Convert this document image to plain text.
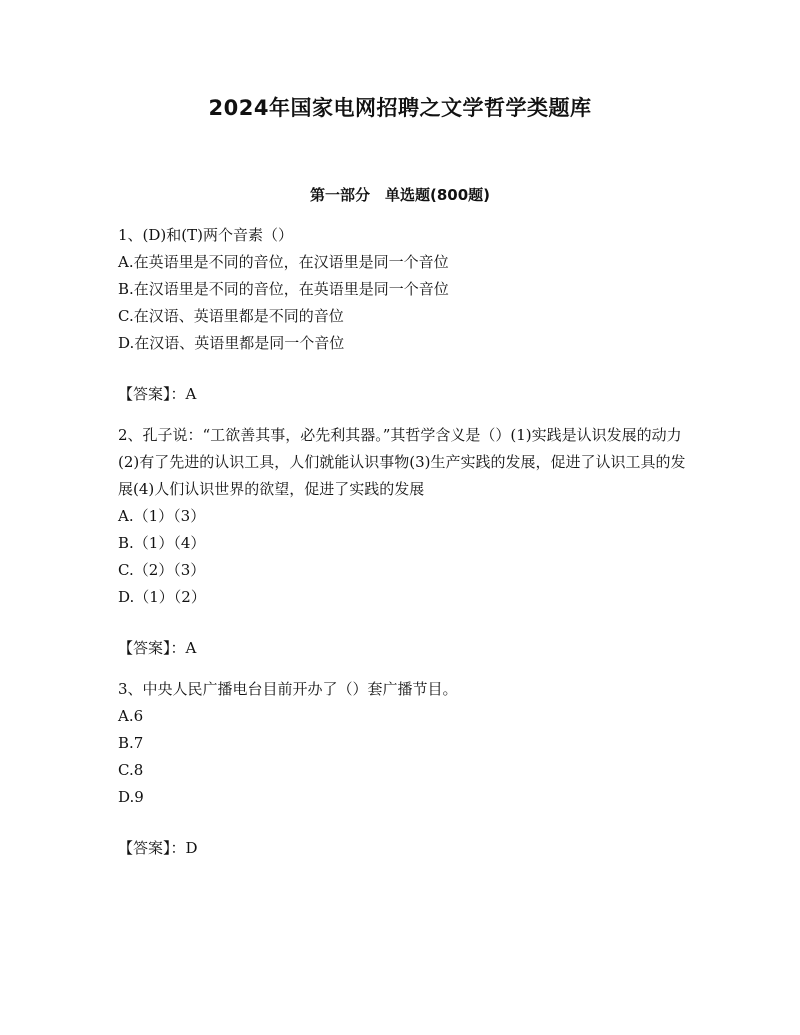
2024年国家电网招聘之文学哲学类题库
第一部分　单选题(800题)

1、(D)和(T)两个音素（）

A.在英语里是不同的音位，在汉语里是同一个音位
B.在汉语里是不同的音位，在英语里是同一个音位
C.在汉语、英语里都是不同的音位
D.在汉语、英语里都是同一个音位

【答案】：A

2、孔子说：“工欲善其事，必先利其器。”其哲学含义是（）(1)实践是认识发展的动力(2)有了先进的认识工具，人们就能认识事物(3)生产实践的发展，促进了认识工具的发展(4)人们认识世界的欲望，促进了实践的发展

A.（1）（3）
B.（1）（4）
C.（2）（3）
D.（1）（2）

【答案】：A

3、中央人民广播电台目前开办了（）套广播节目。

A.6
B.7
C.8
D.9

【答案】：D
